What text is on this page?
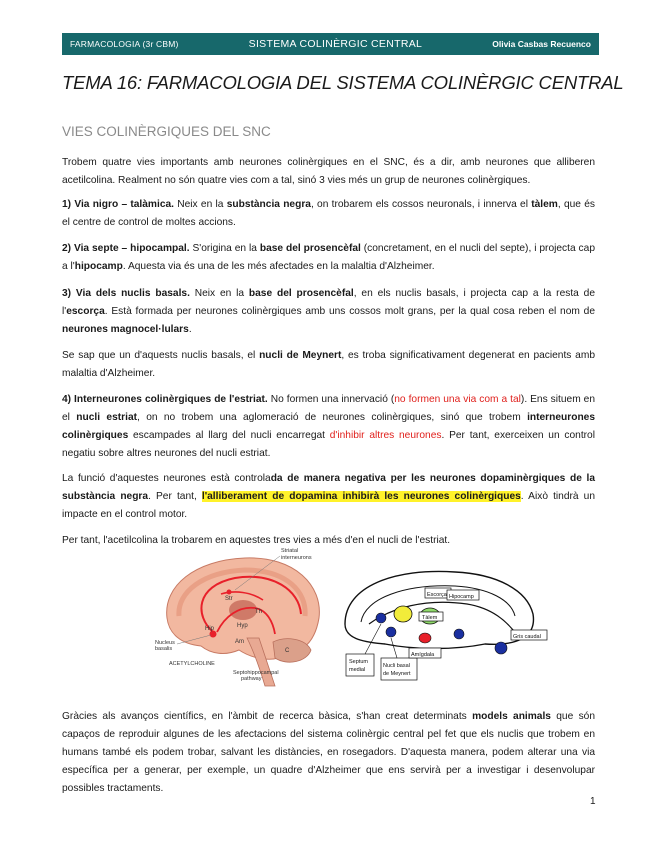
FARMACOLOGIA (3r CBM)	SISTEMA COLINÈRGIC CENTRAL	Olivia Casbas Recuenco
TEMA 16: FARMACOLOGIA DEL SISTEMA COLINÈRGIC CENTRAL
VIES COLINÈRGIQUES DEL SNC

Trobem quatre vies importants amb neurones colinèrgiques en el SNC, és a dir, amb neurones que alliberen acetilcolina. Realment no són quatre vies com a tal, sinó 3 vies més un grup de neurones colinèrgiques.

1) Via nigro – talàmica. Neix en la substància negra, on trobarem els cossos neuronals, i innerva el tàlem, que és el centre de control de moltes accions.

2) Via septe – hipocampal. S'origina en la base del prosencèfal (concretament, en el nucli del septe), i projecta cap a l'hipocamp. Aquesta via és una de les més afectades en la malaltia d'Alzheimer.

3) Via dels nuclis basals. Neix en la base del prosencèfal, en els nuclis basals, i projecta cap a la resta de l'escorça. Està formada per neurones colinèrgiques amb uns cossos molt grans, per la qual cosa reben el nom de neurones magnocel·lulars.

Se sap que un d'aquests nuclis basals, el nucli de Meynert, es troba significativament degenerat en pacients amb malaltia d'Alzheimer.

4) Interneurones colinèrgiques de l'estriat. No formen una innervació (no formen una via com a tal). Ens situem en el nucli estriat, on no trobem una aglomeració de neurones colinèrgiques, sinó que trobem interneurones colinèrgiques escampades al llarg del nucli encarregat d'inhibir altres neurones. Per tant, exerceixen un control negatiu sobre altres neurones del nucli estriat.

La funció d'aquestes neurones està controlada de manera negativa per les neurones dopaminèrgiques de la substància negra. Per tant, l'alliberament de dopamina inhibirà les neurones colinèrgiques. Això tindrà un impacte en el control motor.

Per tant, l'acetilcolina la trobarem en aquestes tres vies a més d'en el nucli de l'estriat.

Str
Th
Hyp
Hip
Am
C
Striatal
interneurons
Nucleus
basalis
ACETYLCHOLINE
Septohippocampal
pathway
Escorça
Tàlem
Hipocamp
Septum
medial
Nucli basal
de Meynert
Amígdala
Gris caudal

Gràcies als avanços científics, en l'àmbit de recerca bàsica, s'han creat determinats models animals que són capaços de reproduir algunes de les afectacions del sistema colinèrgic central pel fet que els nuclis que trobem en humans també els podem trobar, salvant les distàncies, en rosegadors. D'aquesta manera, podem alterar una via específica per a generar, per exemple, un quadre d'Alzheimer que ens servirà per a investigar i desenvolupar possibles tractaments.

1
